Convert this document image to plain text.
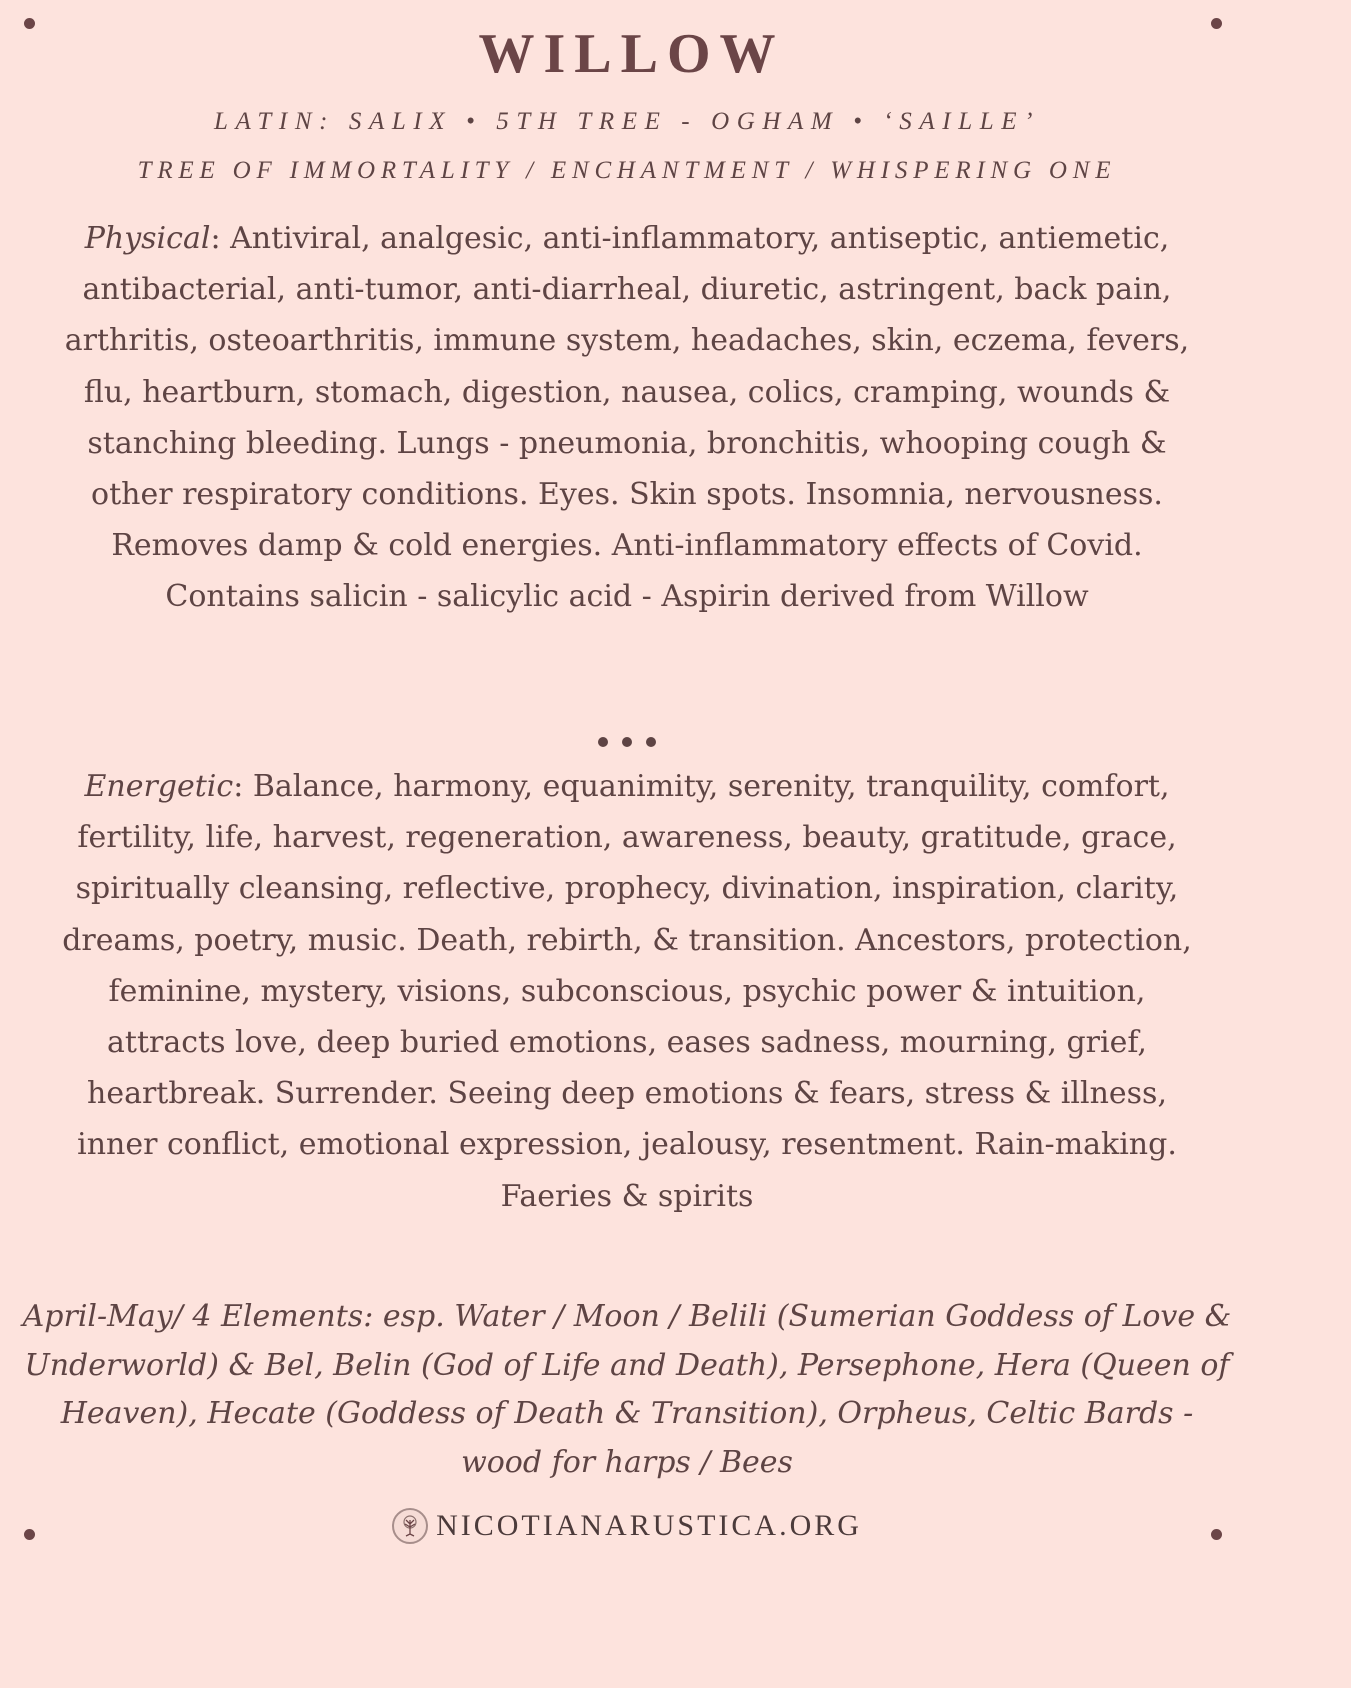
WILLOW
LATIN: SALIX • 5TH TREE - OGHAM • ‘SAILLE’
TREE OF IMMORTALITY / ENCHANTMENT / WHISPERING ONE
Physical: Antiviral, analgesic, anti-inflammatory, antiseptic, antiemetic, antibacterial, anti-tumor, anti-diarrheal, diuretic, astringent, back pain, arthritis, osteoarthritis, immune system, headaches, skin, eczema, fevers, flu, heartburn, stomach, digestion, nausea, colics, cramping, wounds & stanching bleeding. Lungs - pneumonia, bronchitis, whooping cough & other respiratory conditions. Eyes. Skin spots. Insomnia, nervousness. Removes damp & cold energies. Anti-inflammatory effects of Covid. Contains salicin - salicylic acid - Aspirin derived from Willow
Energetic: Balance, harmony, equanimity, serenity, tranquility, comfort, fertility, life, harvest, regeneration, awareness, beauty, gratitude, grace, spiritually cleansing, reflective, prophecy, divination, inspiration, clarity, dreams, poetry, music. Death, rebirth, & transition. Ancestors, protection, feminine, mystery, visions, subconscious, psychic power & intuition, attracts love, deep buried emotions, eases sadness, mourning, grief, heartbreak. Surrender. Seeing deep emotions & fears, stress & illness, inner conflict, emotional expression, jealousy, resentment. Rain-making. Faeries & spirits
April-May/ 4 Elements: esp. Water / Moon / Belili (Sumerian Goddess of Love & Underworld) & Bel, Belin (God of Life and Death), Persephone, Hera (Queen of Heaven), Hecate (Goddess of Death & Transition), Orpheus, Celtic Bards - wood for harps / Bees
NICOTIANARUSTICA.ORG
